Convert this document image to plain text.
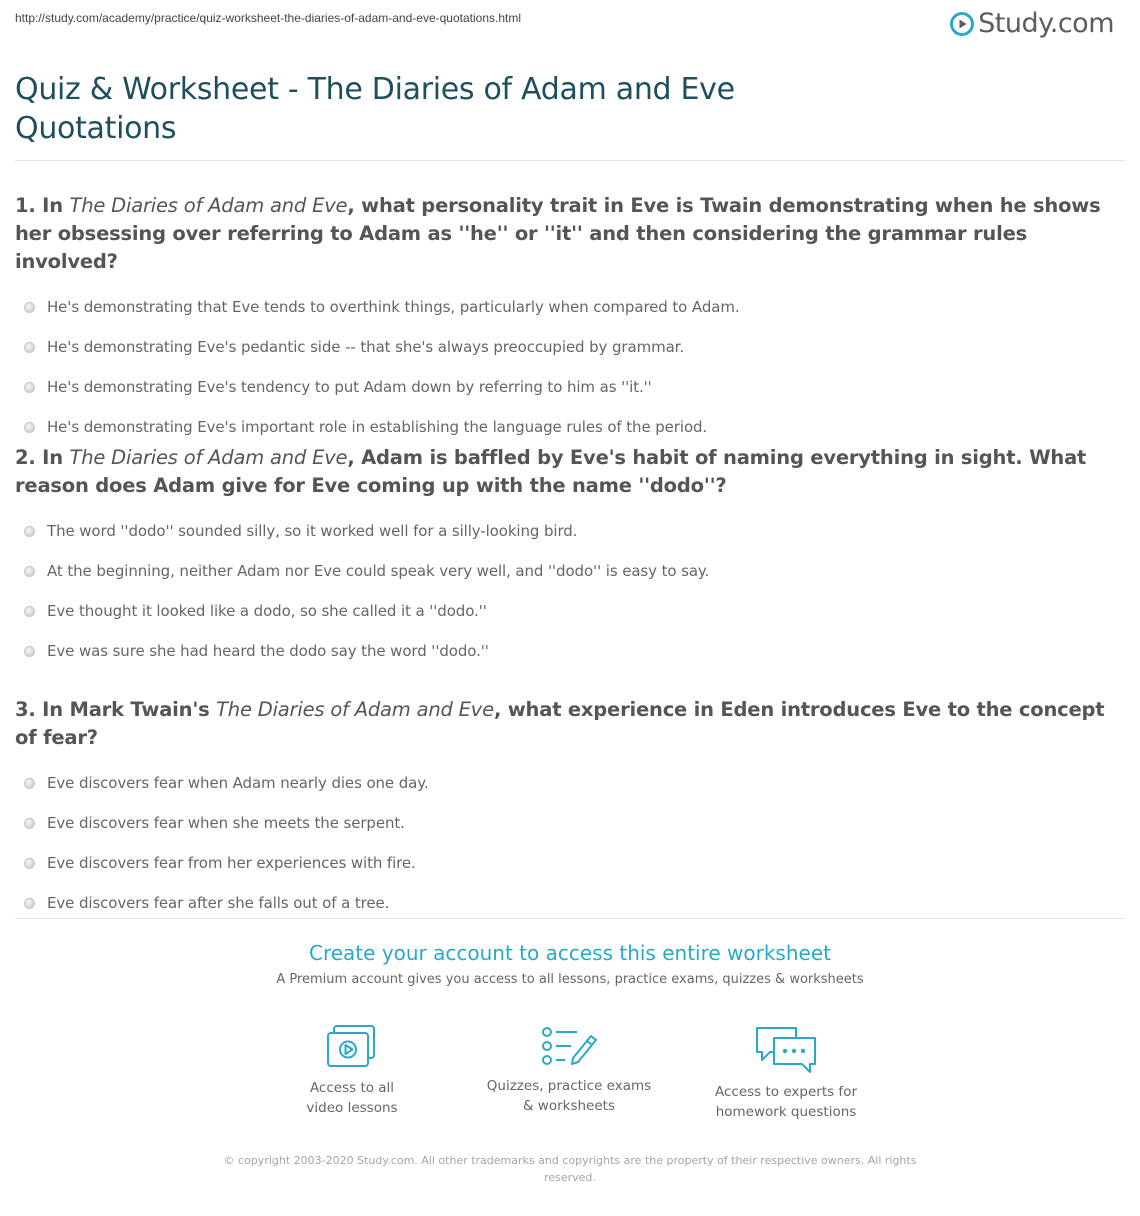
http://study.com/academy/practice/quiz-worksheet-the-diaries-of-adam-and-eve-quotations.html	Study.com
Quiz & Worksheet - The Diaries of Adam and Eve
Quotations

1. In The Diaries of Adam and Eve, what personality trait in Eve is Twain demonstrating when he shows her obsessing over referring to Adam as ''he'' or ''it'' and then considering the grammar rules involved?

He's demonstrating that Eve tends to overthink things, particularly when compared to Adam.
He's demonstrating Eve's pedantic side -- that she's always preoccupied by grammar.
He's demonstrating Eve's tendency to put Adam down by referring to him as ''it.''
He's demonstrating Eve's important role in establishing the language rules of the period.

2. In The Diaries of Adam and Eve, Adam is baffled by Eve's habit of naming everything in sight. What reason does Adam give for Eve coming up with the name ''dodo''?

The word ''dodo'' sounded silly, so it worked well for a silly-looking bird.
At the beginning, neither Adam nor Eve could speak very well, and ''dodo'' is easy to say.
Eve thought it looked like a dodo, so she called it a ''dodo.''
Eve was sure she had heard the dodo say the word ''dodo.''

3. In Mark Twain's The Diaries of Adam and Eve, what experience in Eden introduces Eve to the concept of fear?

Eve discovers fear when Adam nearly dies one day.
Eve discovers fear when she meets the serpent.
Eve discovers fear from her experiences with fire.
Eve discovers fear after she falls out of a tree.
Create your account to access this entire worksheet
A Premium account gives you access to all lessons, practice exams, quizzes & worksheets
Access to all
video lessons
Quizzes, practice exams
& worksheets
Access to experts for
homework questions
© copyright 2003-2020 Study.com. All other trademarks and copyrights are the property of their respective owners. All rights
reserved.
